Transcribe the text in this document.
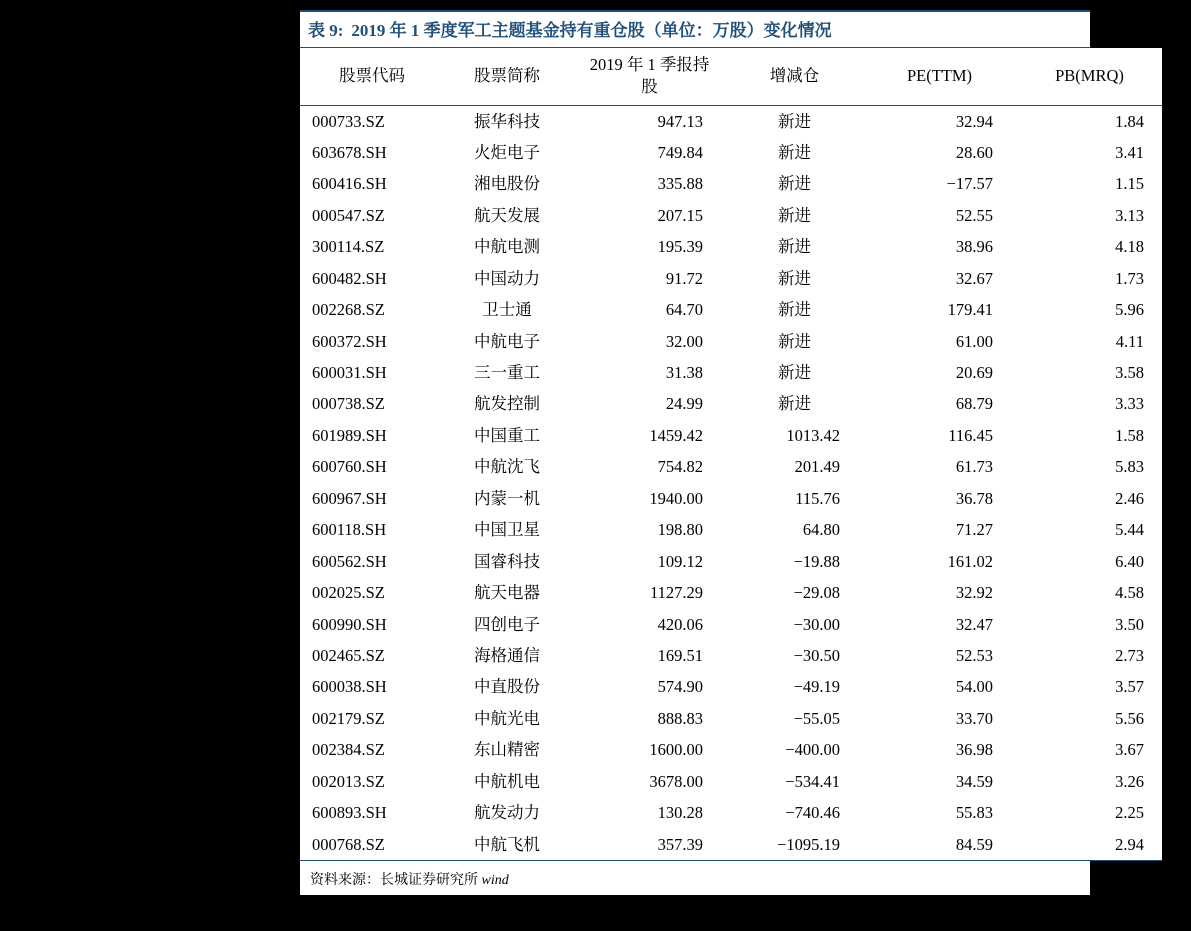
表 9: 2019 年 1 季度军工主题基金持有重仓股（单位：万股）变化情况
股票代码	股票简称	2019 年 1 季报持股	增减仓	PE(TTM)	PB(MRQ)
000733.SZ	振华科技	947.13	新进	32.94	1.84
603678.SH	火炬电子	749.84	新进	28.60	3.41
600416.SH	湘电股份	335.88	新进	−17.57	1.15
000547.SZ	航天发展	207.15	新进	52.55	3.13
300114.SZ	中航电测	195.39	新进	38.96	4.18
600482.SH	中国动力	91.72	新进	32.67	1.73
002268.SZ	卫士通	64.70	新进	179.41	5.96
600372.SH	中航电子	32.00	新进	61.00	4.11
600031.SH	三一重工	31.38	新进	20.69	3.58
000738.SZ	航发控制	24.99	新进	68.79	3.33
601989.SH	中国重工	1459.42	1013.42	116.45	1.58
600760.SH	中航沈飞	754.82	201.49	61.73	5.83
600967.SH	内蒙一机	1940.00	115.76	36.78	2.46
600118.SH	中国卫星	198.80	64.80	71.27	5.44
600562.SH	国睿科技	109.12	−19.88	161.02	6.40
002025.SZ	航天电器	1127.29	−29.08	32.92	4.58
600990.SH	四创电子	420.06	−30.00	32.47	3.50
002465.SZ	海格通信	169.51	−30.50	52.53	2.73
600038.SH	中直股份	574.90	−49.19	54.00	3.57
002179.SZ	中航光电	888.83	−55.05	33.70	5.56
002384.SZ	东山精密	1600.00	−400.00	36.98	3.67
002013.SZ	中航机电	3678.00	−534.41	34.59	3.26
600893.SH	航发动力	130.28	−740.46	55.83	2.25
000768.SZ	中航飞机	357.39	−1095.19	84.59	2.94
资料来源：长城证券研究所 wind
